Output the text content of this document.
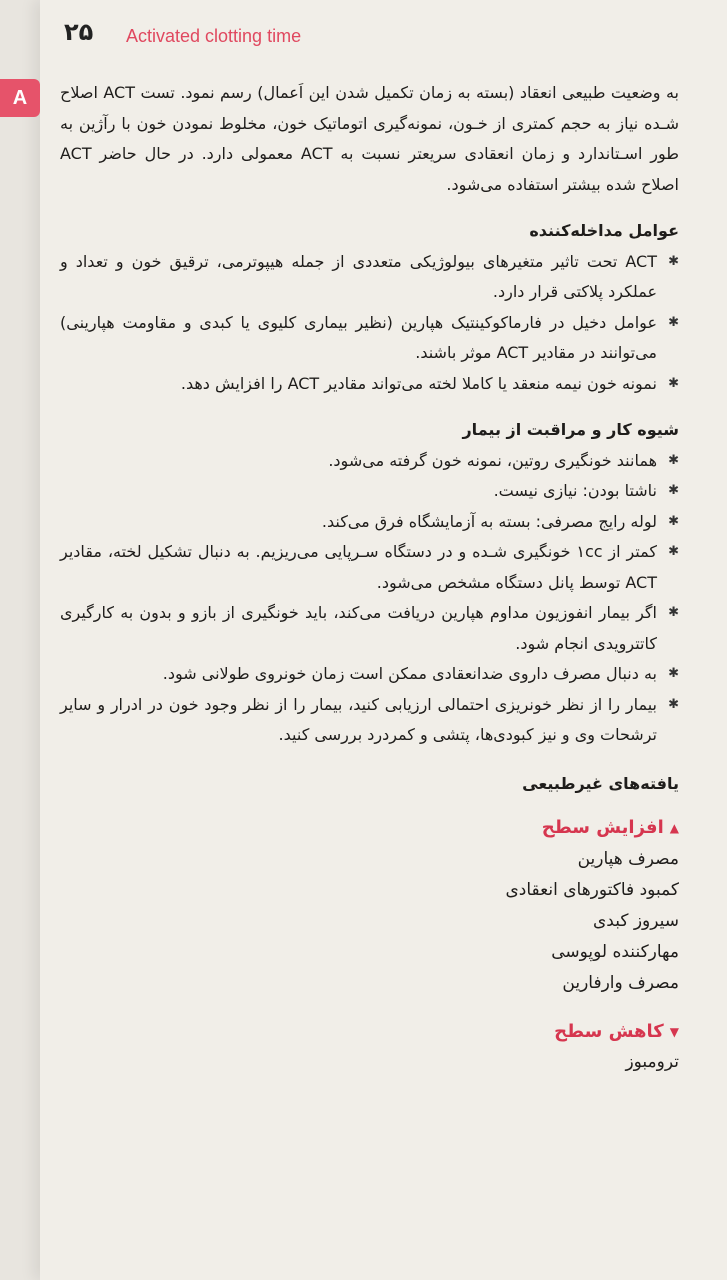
۲۵ Activated clotting time
A	به وضعیت طبیعی انعقاد (بسته به زمان تکمیل شدن این اَعمال) رسم نمود. تست ACT اصلاح شـده نیاز به حجم کمتری از خـون، نمونه‌گیری اتوماتیک خون، مخلوط نمودن خون با رآژین به طور اسـتاندارد و زمان انعقادی سریعتر نسبت به ACT معمولی دارد. در حال حاضر ACT اصلاح شده بیشتر استفاده می‌شود.

عوامل مداخله‌کننده

✱
ACT تحت تاثیر متغیرهای بیولوژیکی متعددی از جمله هیپوترمی، ترقیق خون و تعداد و عملکرد پلاکتی قرار دارد.
✱
عوامل دخیل در فارماکوکینتیک هپارین (نظیر بیماری کلیوی یا کبدی و مقاومت هپارینی) می‌توانند در مقادیر ACT موثر باشند.
✱
نمونه خون نیمه منعقد یا کاملا لخته می‌تواند مقادیر ACT را افزایش دهد.

شیوه کار و مراقبت از بیمار

✱
همانند خونگیری روتین، نمونه خون گرفته می‌شود.
✱
ناشتا بودن: نیازی نیست.
✱
لوله رایج مصرفی: بسته به آزمایشگاه فرق می‌کند.
✱
کمتر از ۱cc خونگیری شـده و در دستگاه سـرپایی می‌ریزیم. به دنبال تشکیل لخته، مقادیر ACT توسط پانل دستگاه مشخص می‌شود.
✱
اگر بیمار انفوزیون مداوم هپارین دریافت می‌کند، باید خونگیری از بازو و بدون به کارگیری کاتترویدی انجام شود.
✱
به دنبال مصرف داروی ضدانعقادی ممکن است زمان خونروی طولانی شود.
✱
بیمار را از نظر خونریزی احتمالی ارزیابی کنید، بیمار را از نظر وجود خون در ادرار و سایر ترشحات وی و نیز کبودی‌ها، پتشی و کمردرد بررسی کنید.

یافته‌های غیرطبیعی

▲
افزایش سطح

مصرف هپارین
کمبود فاکتورهای انعقادی
سیروز کبدی
مهارکننده لوپوسی
مصرف وارفارین

▼
کاهش سطح

ترومبوز
